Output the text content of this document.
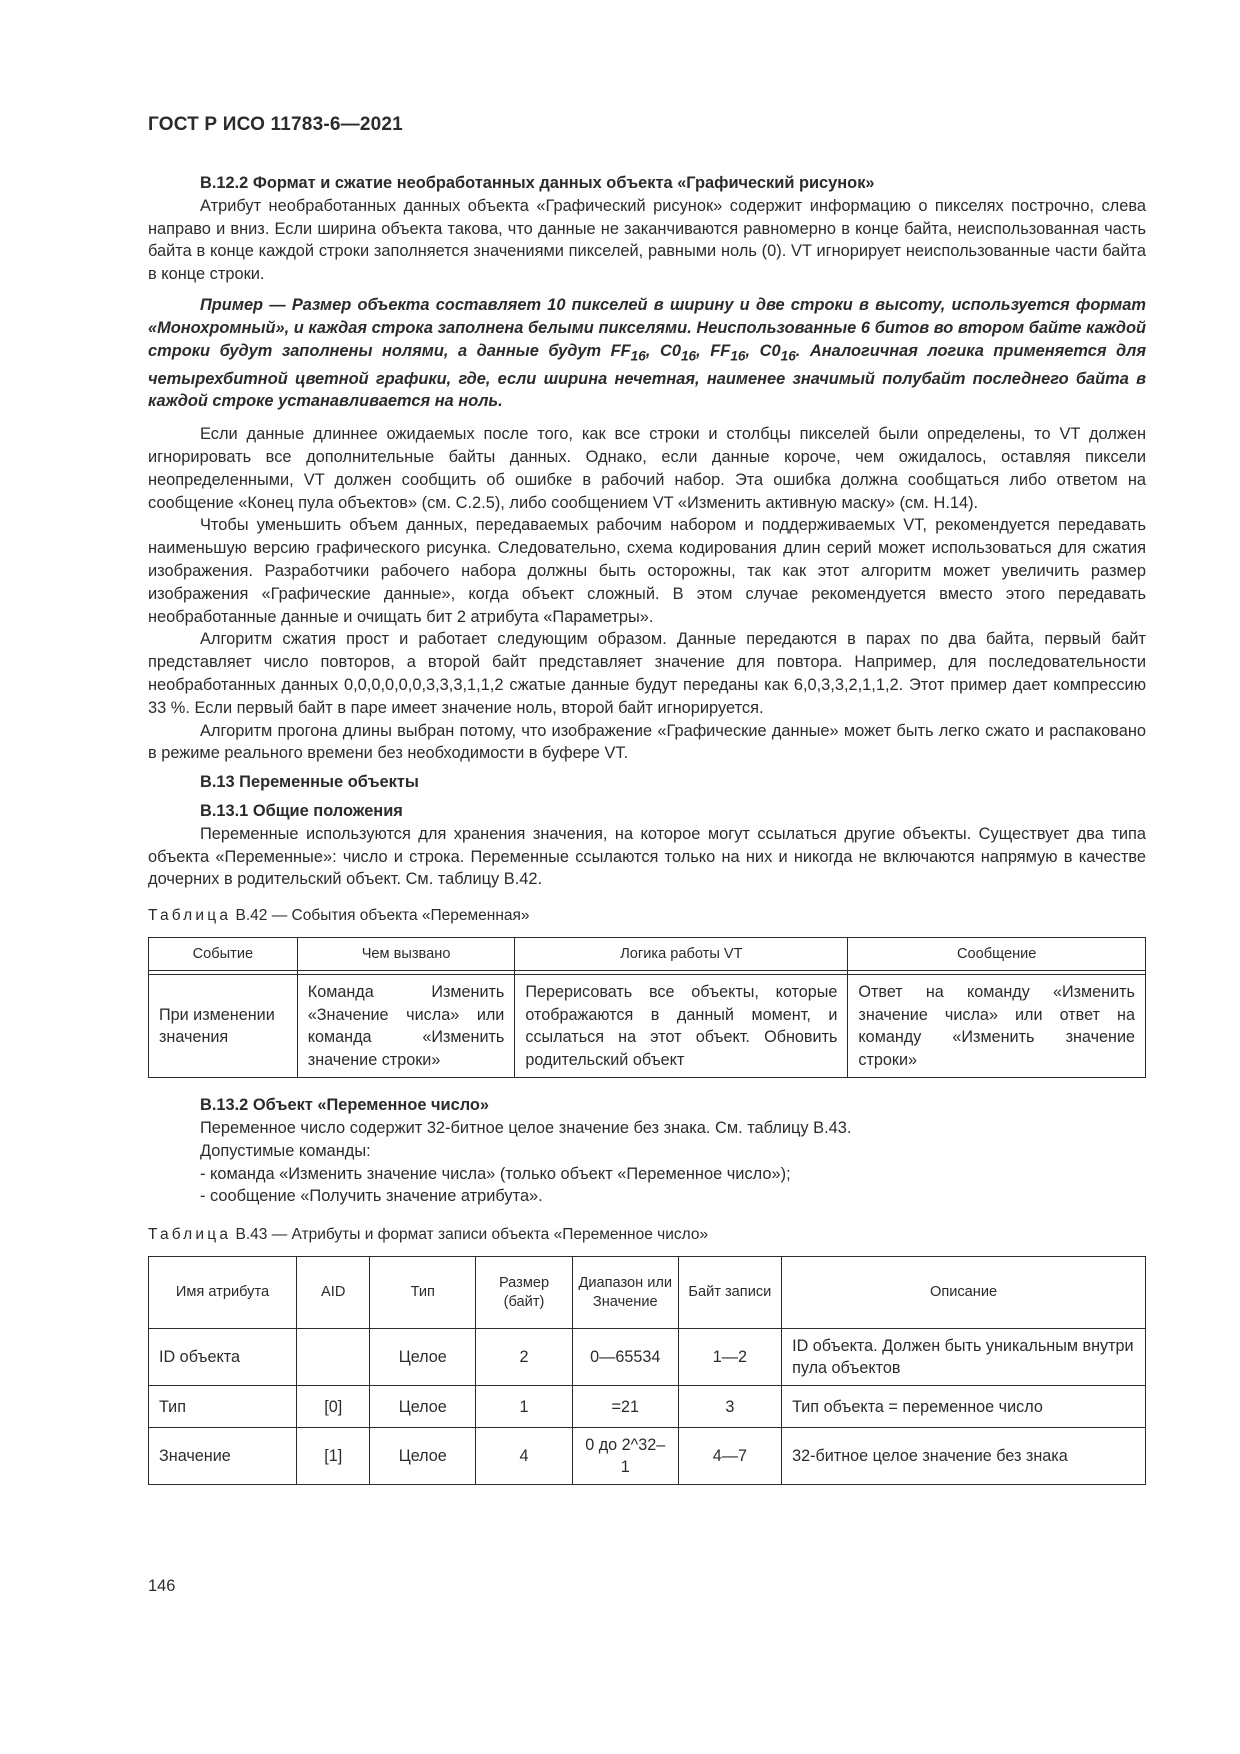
ГОСТ Р ИСО 11783-6—2021

В.12.2 Формат и сжатие необработанных данных объекта «Графический рисунок»

Атрибут необработанных данных объекта «Графический рисунок» содержит информацию о пикселях построчно, слева направо и вниз. Если ширина объекта такова, что данные не заканчиваются равномерно в конце байта, неиспользованная часть байта в конце каждой строки заполняется значениями пикселей, равными ноль (0). VT игнорирует неиспользованные части байта в конце строки.

Пример — Размер объекта составляет 10 пикселей в ширину и две строки в высоту, используется формат «Монохромный», и каждая строка заполнена белыми пикселями. Неиспользованные 6 битов во втором байте каждой строки будут заполнены нолями, а данные будут $FF_{16}$, $C0_{16}$, $FF_{16}$, $C0_{16}$. Аналогичная логика применяется для четырехбитной цветной графики, где, если ширина нечетная, наименее значимый полубайт последнего байта в каждой строке устанавливается на ноль.

Если данные длиннее ожидаемых после того, как все строки и столбцы пикселей были определены, то VT должен игнорировать все дополнительные байты данных. Однако, если данные короче, чем ожидалось, оставляя пиксели неопределенными, VT должен сообщить об ошибке в рабочий набор. Эта ошибка должна сообщаться либо ответом на сообщение «Конец пула объектов» (см. С.2.5), либо сообщением VT «Изменить активную маску» (см. Н.14).

Чтобы уменьшить объем данных, передаваемых рабочим набором и поддерживаемых VT, рекомендуется передавать наименьшую версию графического рисунка. Следовательно, схема кодирования длин серий может использоваться для сжатия изображения. Разработчики рабочего набора должны быть осторожны, так как этот алгоритм может увеличить размер изображения «Графические данные», когда объект сложный. В этом случае рекомендуется вместо этого передавать необработанные данные и очищать бит 2 атрибута «Параметры».

Алгоритм сжатия прост и работает следующим образом. Данные передаются в парах по два байта, первый байт представляет число повторов, а второй байт представляет значение для повтора. Например, для последовательности необработанных данных 0,0,0,0,0,0,3,3,3,1,1,2 сжатые данные будут переданы как 6,0,3,3,2,1,1,2. Этот пример дает компрессию 33 %. Если первый байт в паре имеет значение ноль, второй байт игнорируется.

Алгоритм прогона длины выбран потому, что изображение «Графические данные» может быть легко сжато и распаковано в режиме реального времени без необходимости в буфере VT.

В.13 Переменные объекты

В.13.1 Общие положения

Переменные используются для хранения значения, на которое могут ссылаться другие объекты. Существует два типа объекта «Переменные»: число и строка. Переменные ссылаются только на них и никогда не включаются напрямую в качестве дочерних в родительский объект. См. таблицу В.42.

Таблица В.42 — События объекта «Переменная»
Событие	Чем вызвано	Логика работы VT	Сообщение

При изменении значения	Команда Изменить «Значение числа» или команда «Изменить значение строки»	Перерисовать все объекты, которые отображаются в данный момент, и ссылаться на этот объект. Обновить родительский объект	Ответ на команду «Изменить значение числа» или ответ на команду «Изменить значение строки»

В.13.2 Объект «Переменное число»

Переменное число содержит 32-битное целое значение без знака. См. таблицу В.43.

Допустимые команды:

- команда «Изменить значение числа» (только объект «Переменное число»);
- сообщение «Получить значение атрибута».
Таблица В.43 — Атрибуты и формат записи объекта «Переменное число»
Имя атрибута	AID	Тип	Размер (байт)	Диапазон или Значение	Байт записи	Описание
ID объекта		Целое	2	0—65534	1—2	ID объекта. Должен быть уникальным внутри пула объектов
Тип	[0]	Целое	1	=21	3	Тип объекта = переменное число
Значение	[1]	Целое	4	0 до 2^32–1	4—7	32-битное целое значение без знака
146
